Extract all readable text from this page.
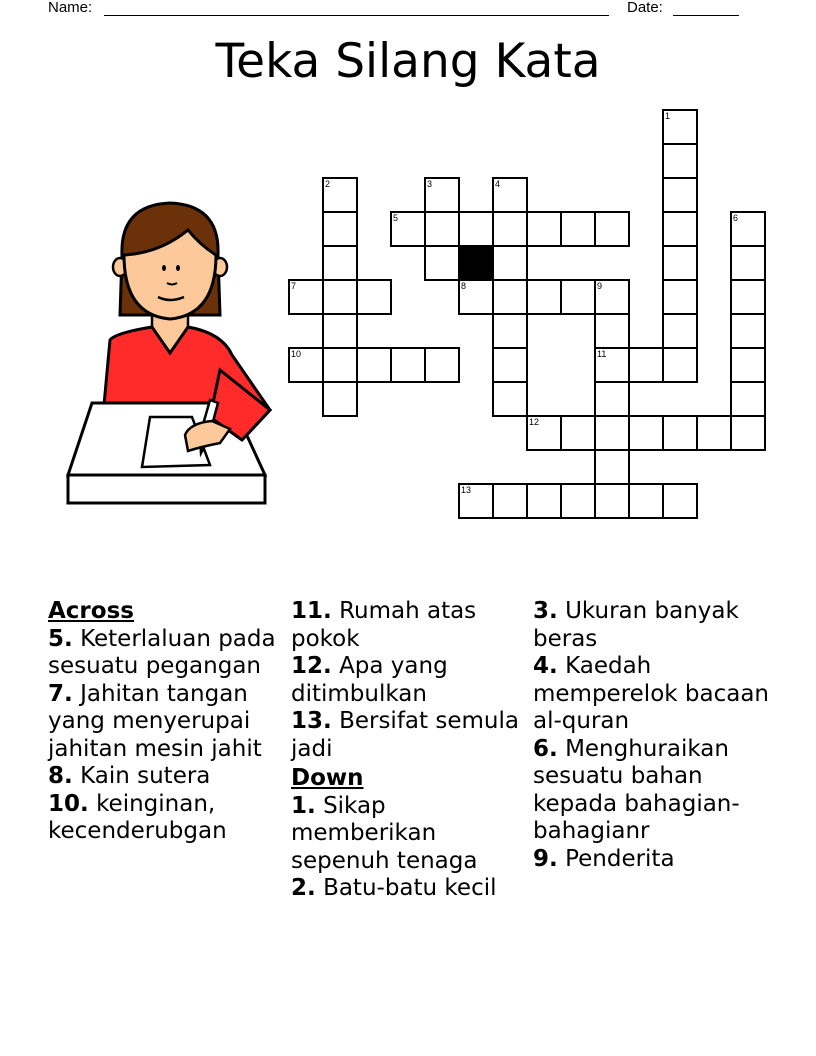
Name:	Date:
Teka Silang Kata
1
2	3	4
5	6
7	8	9
11
10
12
13
Across
5. Keterlaluan pada sesuatu pegangan
7. Jahitan tangan yang menyerupai jahitan mesin jahit
8. Kain sutera
10. keinginan, kecenderubgan
11. Rumah atas pokok
12. Apa yang ditimbulkan
13. Bersifat semula jadi
Down
1. Sikap memberikan sepenuh tenaga
2. Batu-batu kecil
3. Ukuran banyak beras
4. Kaedah memperelok bacaan al-quran
6. Menghuraikan sesuatu bahan kepada bahagian-bahagianr
9. Penderita
